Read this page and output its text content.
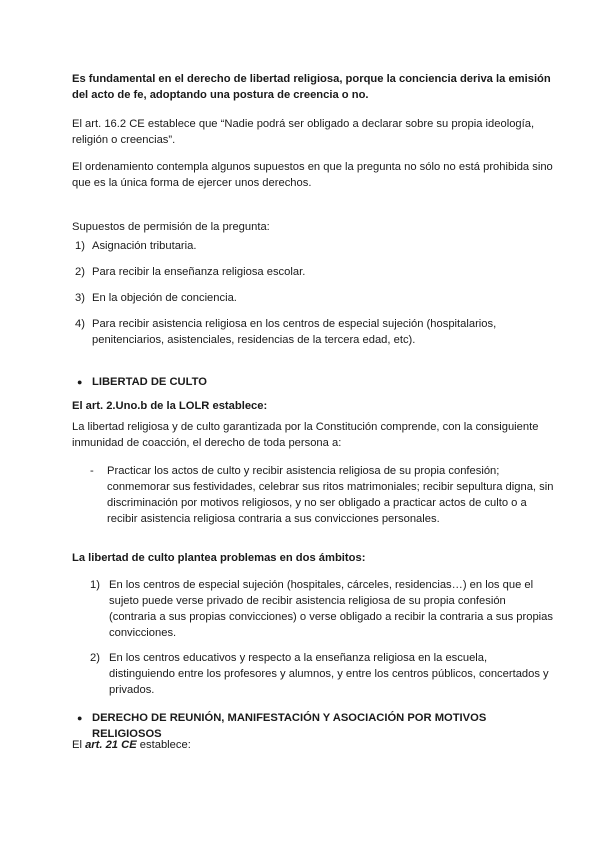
Es fundamental en el derecho de libertad religiosa, porque la conciencia deriva la emisión del acto de fe, adoptando una postura de creencia o no.

El art. 16.2 CE establece que “Nadie podrá ser obligado a declarar sobre su propia ideología, religión o creencias”.

El ordenamiento contempla algunos supuestos en que la pregunta no sólo no está prohibida sino que es la única forma de ejercer unos derechos.

Supuestos de permisión de la pregunta:

1) Asignación tributaria.
2) Para recibir la enseñanza religiosa escolar.
3) En la objeción de conciencia.
4) Para recibir asistencia religiosa en los centros de especial sujeción (hospitalarios, penitenciarios, asistenciales, residencias de la tercera edad, etc).
● LIBERTAD DE CULTO

El art. 2.Uno.b de la LOLR establece:

La libertad religiosa y de culto garantizada por la Constitución comprende, con la consiguiente inmunidad de coacción, el derecho de toda persona a:

- Practicar los actos de culto y recibir asistencia religiosa de su propia confesión; conmemorar sus festividades, celebrar sus ritos matrimoniales; recibir sepultura digna, sin discriminación por motivos religiosos, y no ser obligado a practicar actos de culto o a recibir asistencia religiosa contraria a sus convicciones personales.

La libertad de culto plantea problemas en dos ámbitos:

1) En los centros de especial sujeción (hospitales, cárceles, residencias…) en los que el sujeto puede verse privado de recibir asistencia religiosa de su propia confesión (contraria a sus propias convicciones) o verse obligado a recibir la contraria a sus propias convicciones.
2) En los centros educativos y respecto a la enseñanza religiosa en la escuela, distinguiendo entre los profesores y alumnos, y entre los centros públicos, concertados y privados.
● DERECHO DE REUNIÓN, MANIFESTACIÓN Y ASOCIACIÓN POR MOTIVOS RELIGIOSOS

El art. 21 CE establece:
